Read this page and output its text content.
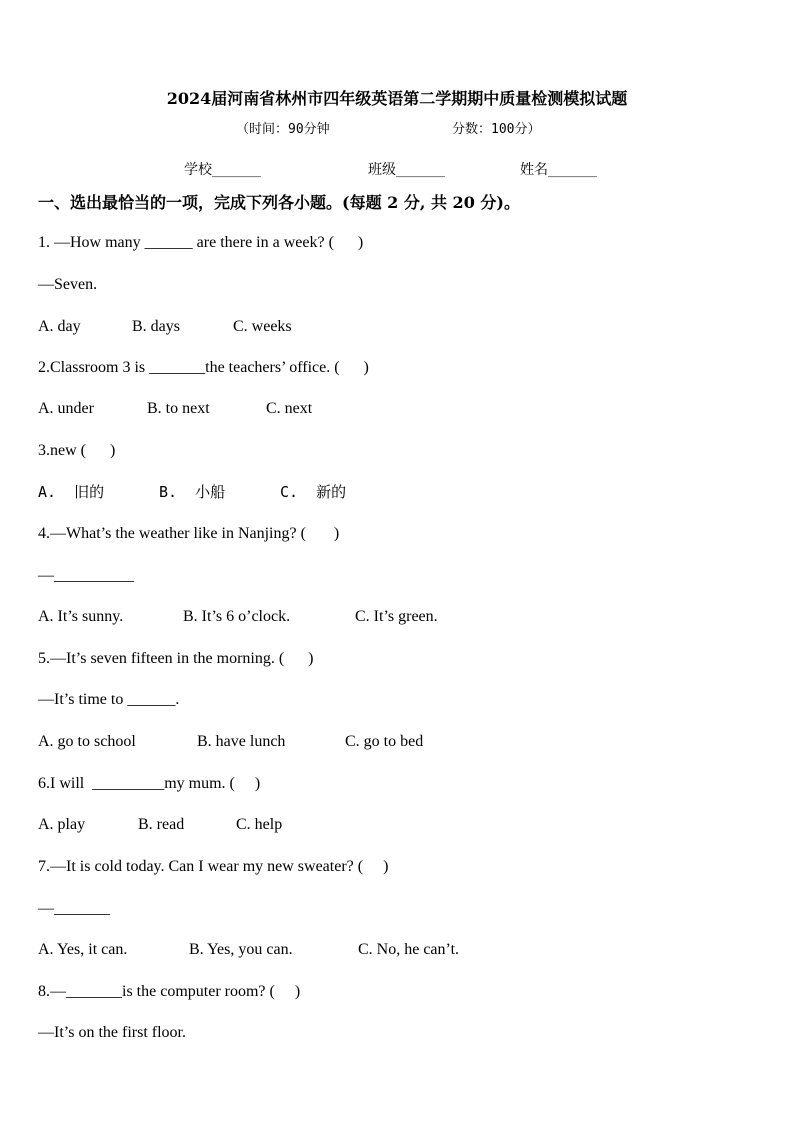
2024届河南省林州市四年级英语第二学期期中质量检测模拟试题
（时间：90分钟	分数：100分）
学校_______	班级_______	姓名_______
一、选出最恰当的一项，完成下列各小题。(每题 2 分, 共 20 分)。
1. —How many ______ are there in a week? (      )
—Seven.
A. day	B. days	C. weeks
2.Classroom 3 is _______the teachers’ office. (      )
A. under	B. to next	C. next
3.new (      )
A.  旧的	B.  小船	C.  新的
4.—What’s the weather like in Nanjing? (       )
—__________
A. It’s sunny.	B. It’s 6 o’clock.	C. It’s green.
5.—It’s seven fifteen in the morning. (      )
—It’s time to ______.
A. go to school	B. have lunch	C. go to bed
6.I will  _________my mum. (     )
A. play	B. read	C. help
7.—It is cold today. Can I wear my new sweater? (     )
—_______
A. Yes, it can.	B. Yes, you can.	C. No, he can’t.
8.—_______is the computer room? (     )
—It’s on the first floor.
